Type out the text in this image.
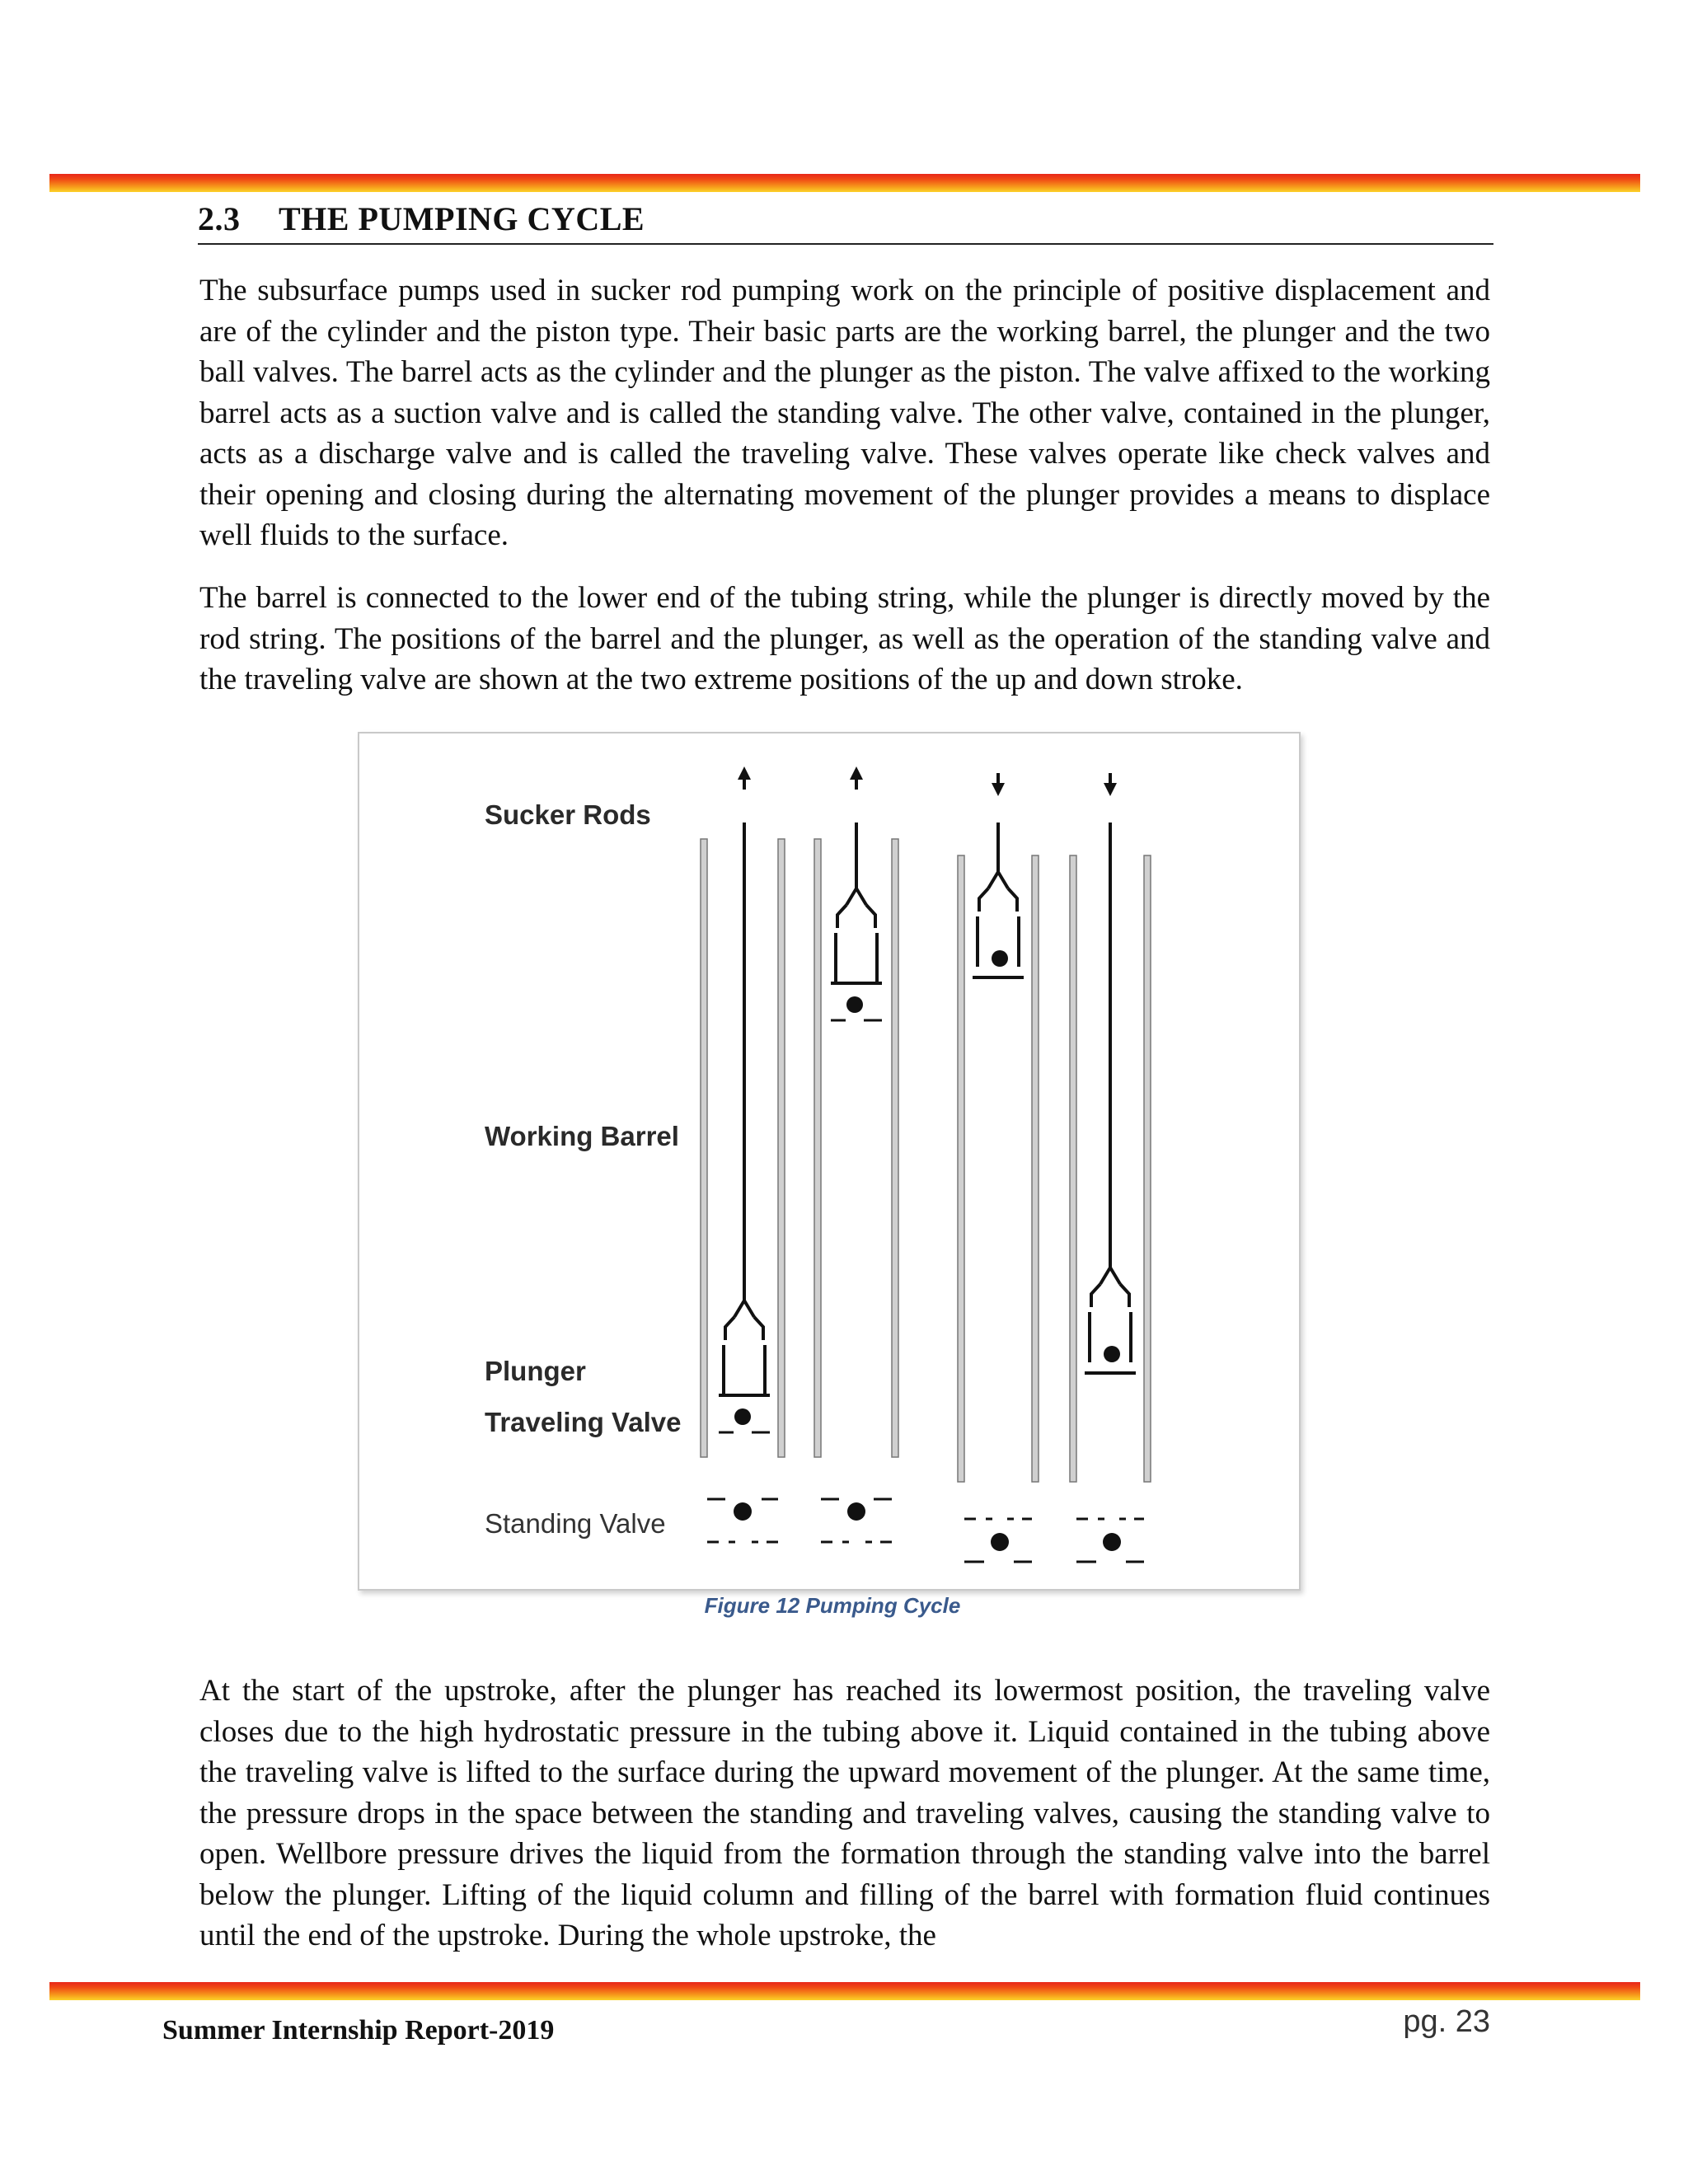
2.3 THE PUMPING CYCLE

The subsurface pumps used in sucker rod pumping work on the principle of positive displacement and are of the cylinder and the piston type. Their basic parts are the working barrel, the plunger and the two ball valves. The barrel acts as the cylinder and the plunger as the piston. The valve affixed to the working barrel acts as a suction valve and is called the standing valve. The other valve, contained in the plunger, acts as a discharge valve and is called the traveling valve. These valves operate like check valves and their opening and closing during the alternating movement of the plunger provides a means to displace well fluids to the surface.

The barrel is connected to the lower end of the tubing string, while the plunger is directly moved by the rod string. The positions of the barrel and the plunger, as well as the operation of the standing valve and the traveling valve are shown at the two extreme positions of the up and down stroke.

Sucker Rods
Working Barrel
Plunger
Traveling Valve
Standing Valve
Figure 12 Pumping Cycle

At the start of the upstroke, after the plunger has reached its lowermost position, the traveling valve closes due to the high hydrostatic pressure in the tubing above it. Liquid contained in the tubing above the traveling valve is lifted to the surface during the upward movement of the plunger. At the same time, the pressure drops in the space between the standing and traveling valves, causing the standing valve to open. Wellbore pressure drives the liquid from the formation through the standing valve into the barrel below the plunger. Lifting of the liquid column and filling of the barrel with formation fluid continues until the end of the upstroke. During the whole upstroke, the

Summer Internship Report-2019	pg. 23
